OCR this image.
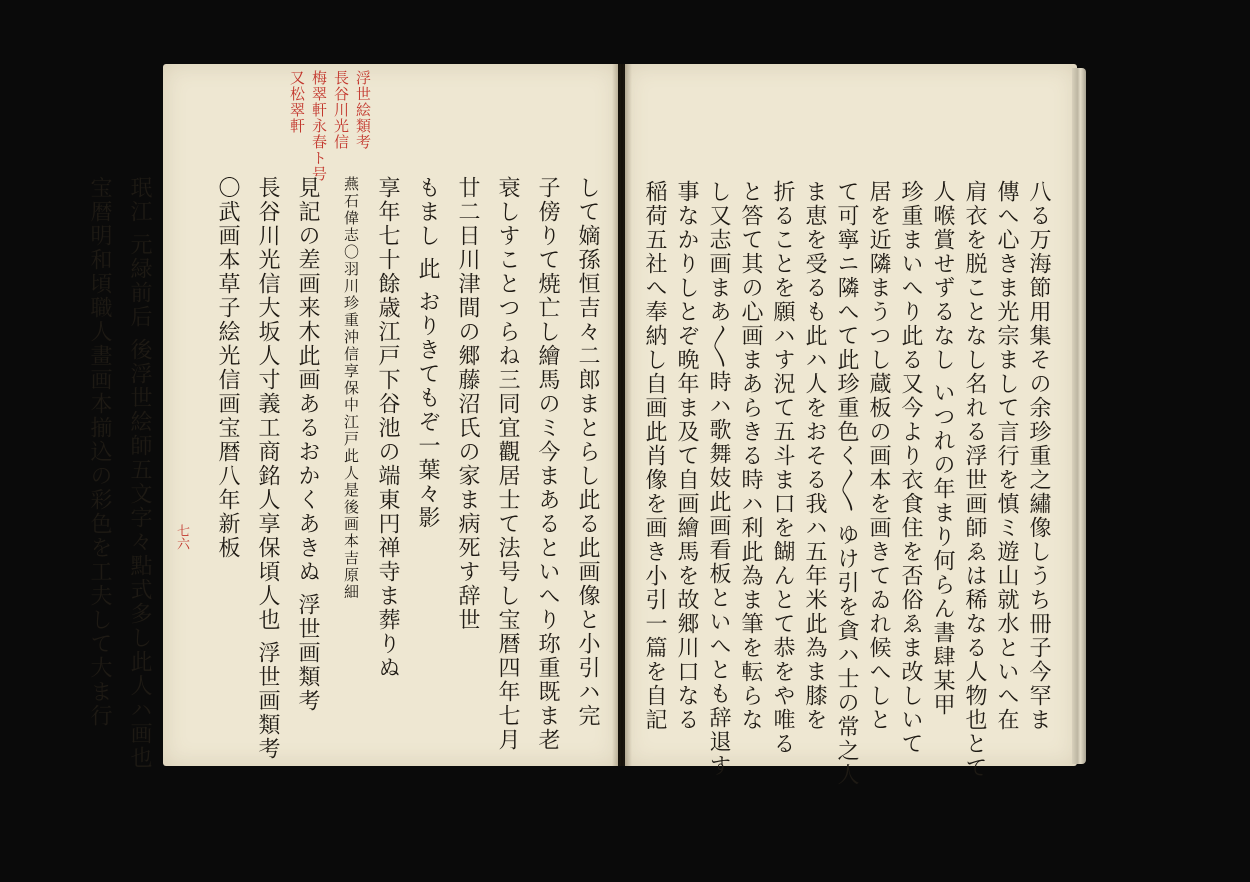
して嫡孫恒吉々二郎まとらし此る此画像と小引ハ完
子傍りて焼亡し繪馬のミ今まあるといへり珎重既ま老
衰しすことつらね三同宜觀居士て法号し宝暦四年七月
廿二日川津間の郷藤沼氏の家ま病死す辞世
もまし 此 おりきてもぞ一葉々影
享年七十餘歳江戸下谷池の端東円禅寺ま葬りぬ
燕石偉志〇羽川珍重沖信享保中江戸此人是後画本吉原細
見記の差画来木此画あるおかくあきぬ 浮世画類考
長谷川光信大坂人寸義工商銘人享保頃人也 浮世画類考
〇武画本草子絵光信画宝暦八年新板
珉江 元緑前后 後浮世絵師五文字々點式多し此人ハ画也
宝暦明和頃職人畫画本揃込の彩色を工夫して大ま行
浮世絵類考
長谷川光信
梅翠軒永春ト号
又松翠軒
八る万海節用集その余珍重之繡像しうち冊子今罕ま
傳へ心きま光宗まして言行を慎ミ遊山就水といへ在
肩衣を脱ことなし名れる浮世画師ゑは稀なる人物也とて
人喉賞せずるなし いつれの年まり何らん書肆某甲
珍重まいへり此る又今より衣食住を否俗ゑま改しいて
居を近隣まうつし蔵板の画本を画きてゐれ候へしと
て可寧ニ隣へて此珍重色く〳〵 ゆけ引を貪ハ士の常之人
ま恵を受るも此ハ人をおそる我ハ五年米此為ま膝を
折ることを願ハす況て五斗ま口を餬んとて恭をや唯る
と答て其の心画まあらきる時ハ利此為ま筆を転らな
し又志画まあ〳〵時ハ歌舞妓此画看板といへとも辞退す
事なかりしとぞ晩年ま及て自画繪馬を故郷川口なる
稲荷五社へ奉納し自画此肖像を画き小引一篇を自記
七六
